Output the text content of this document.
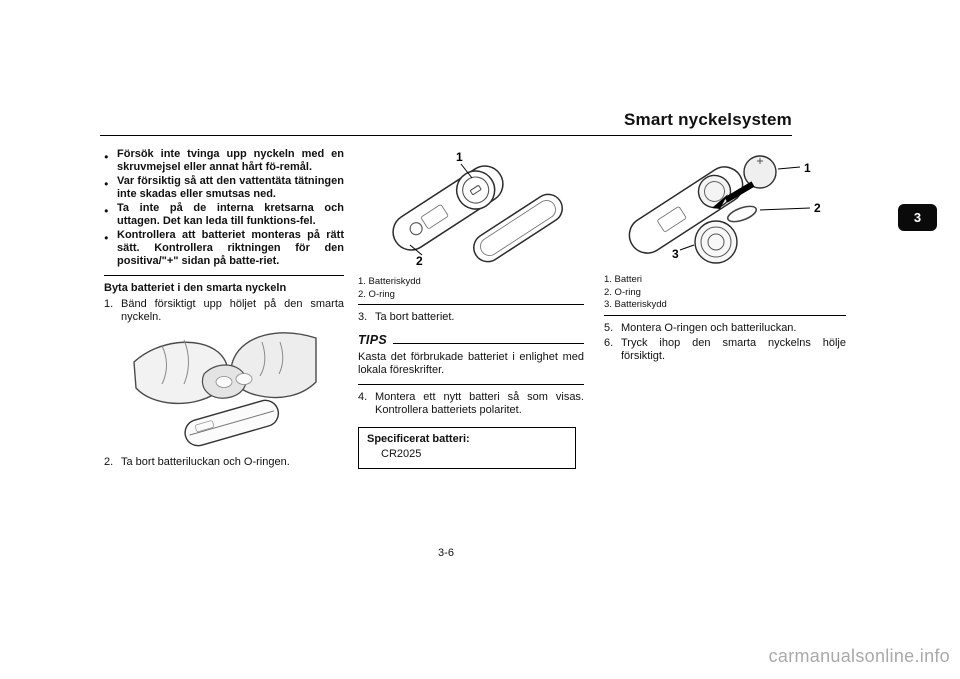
Smart nyckelsystem
3
● Försök inte tvinga upp nyckeln med en skruvmejsel eller annat hårt fö-remål.
● Var försiktig så att den vattentäta tätningen inte skadas eller smutsas ned.
● Ta inte på de interna kretsarna och uttagen. Det kan leda till funktions-fel.
● Kontrollera att batteriet monteras på rätt sätt. Kontrollera riktningen för den positiva/"+" sidan på batte-riet.
Byta batteriet i den smarta nyckeln
1. Bänd försiktigt upp höljet på den smarta nyckeln.
2. Ta bort batteriluckan och O-ringen.
1
2
1. Batteriskydd
2. O-ring
3. Ta bort batteriet.
TIPS
Kasta det förbrukade batteriet i enlighet med lokala föreskrifter.
4. Montera ett nytt batteri så som visas. Kontrollera batteriets polaritet.
Specificerat batteri:
CR2025
1
2
3
1. Batteri
2. O-ring
3. Batteriskydd
5. Montera O-ringen och batteriluckan.
6. Tryck ihop den smarta nyckelns hölje försiktigt.
3-6
carmanualsonline.info
